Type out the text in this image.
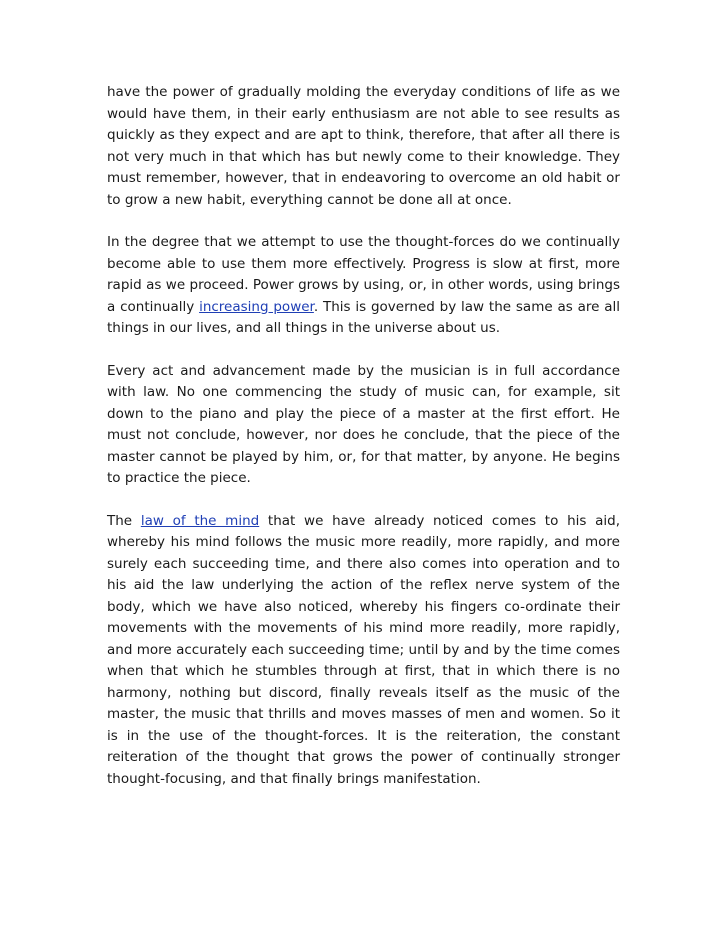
have the power of gradually molding the everyday conditions of life as we would have them, in their early enthusiasm are not able to see results as quickly as they expect and are apt to think, therefore, that after all there is not very much in that which has but newly come to their knowledge. They must remember, however, that in endeavoring to overcome an old habit or to grow a new habit, everything cannot be done all at once.

In the degree that we attempt to use the thought-forces do we continually become able to use them more effectively. Progress is slow at first, more rapid as we proceed. Power grows by using, or, in other words, using brings a continually increasing power. This is governed by law the same as are all things in our lives, and all things in the universe about us.

Every act and advancement made by the musician is in full accordance with law. No one commencing the study of music can, for example, sit down to the piano and play the piece of a master at the first effort. He must not conclude, however, nor does he conclude, that the piece of the master cannot be played by him, or, for that matter, by anyone. He begins to practice the piece.

The law of the mind that we have already noticed comes to his aid, whereby his mind follows the music more readily, more rapidly, and more surely each succeeding time, and there also comes into operation and to his aid the law underlying the action of the reflex nerve system of the body, which we have also noticed, whereby his fingers co-ordinate their movements with the movements of his mind more readily, more rapidly, and more accurately each succeeding time; until by and by the time comes when that which he stumbles through at first, that in which there is no harmony, nothing but discord, finally reveals itself as the music of the master, the music that thrills and moves masses of men and women. So it is in the use of the thought-forces. It is the reiteration, the constant reiteration of the thought that grows the power of continually stronger thought-focusing, and that finally brings manifestation.
